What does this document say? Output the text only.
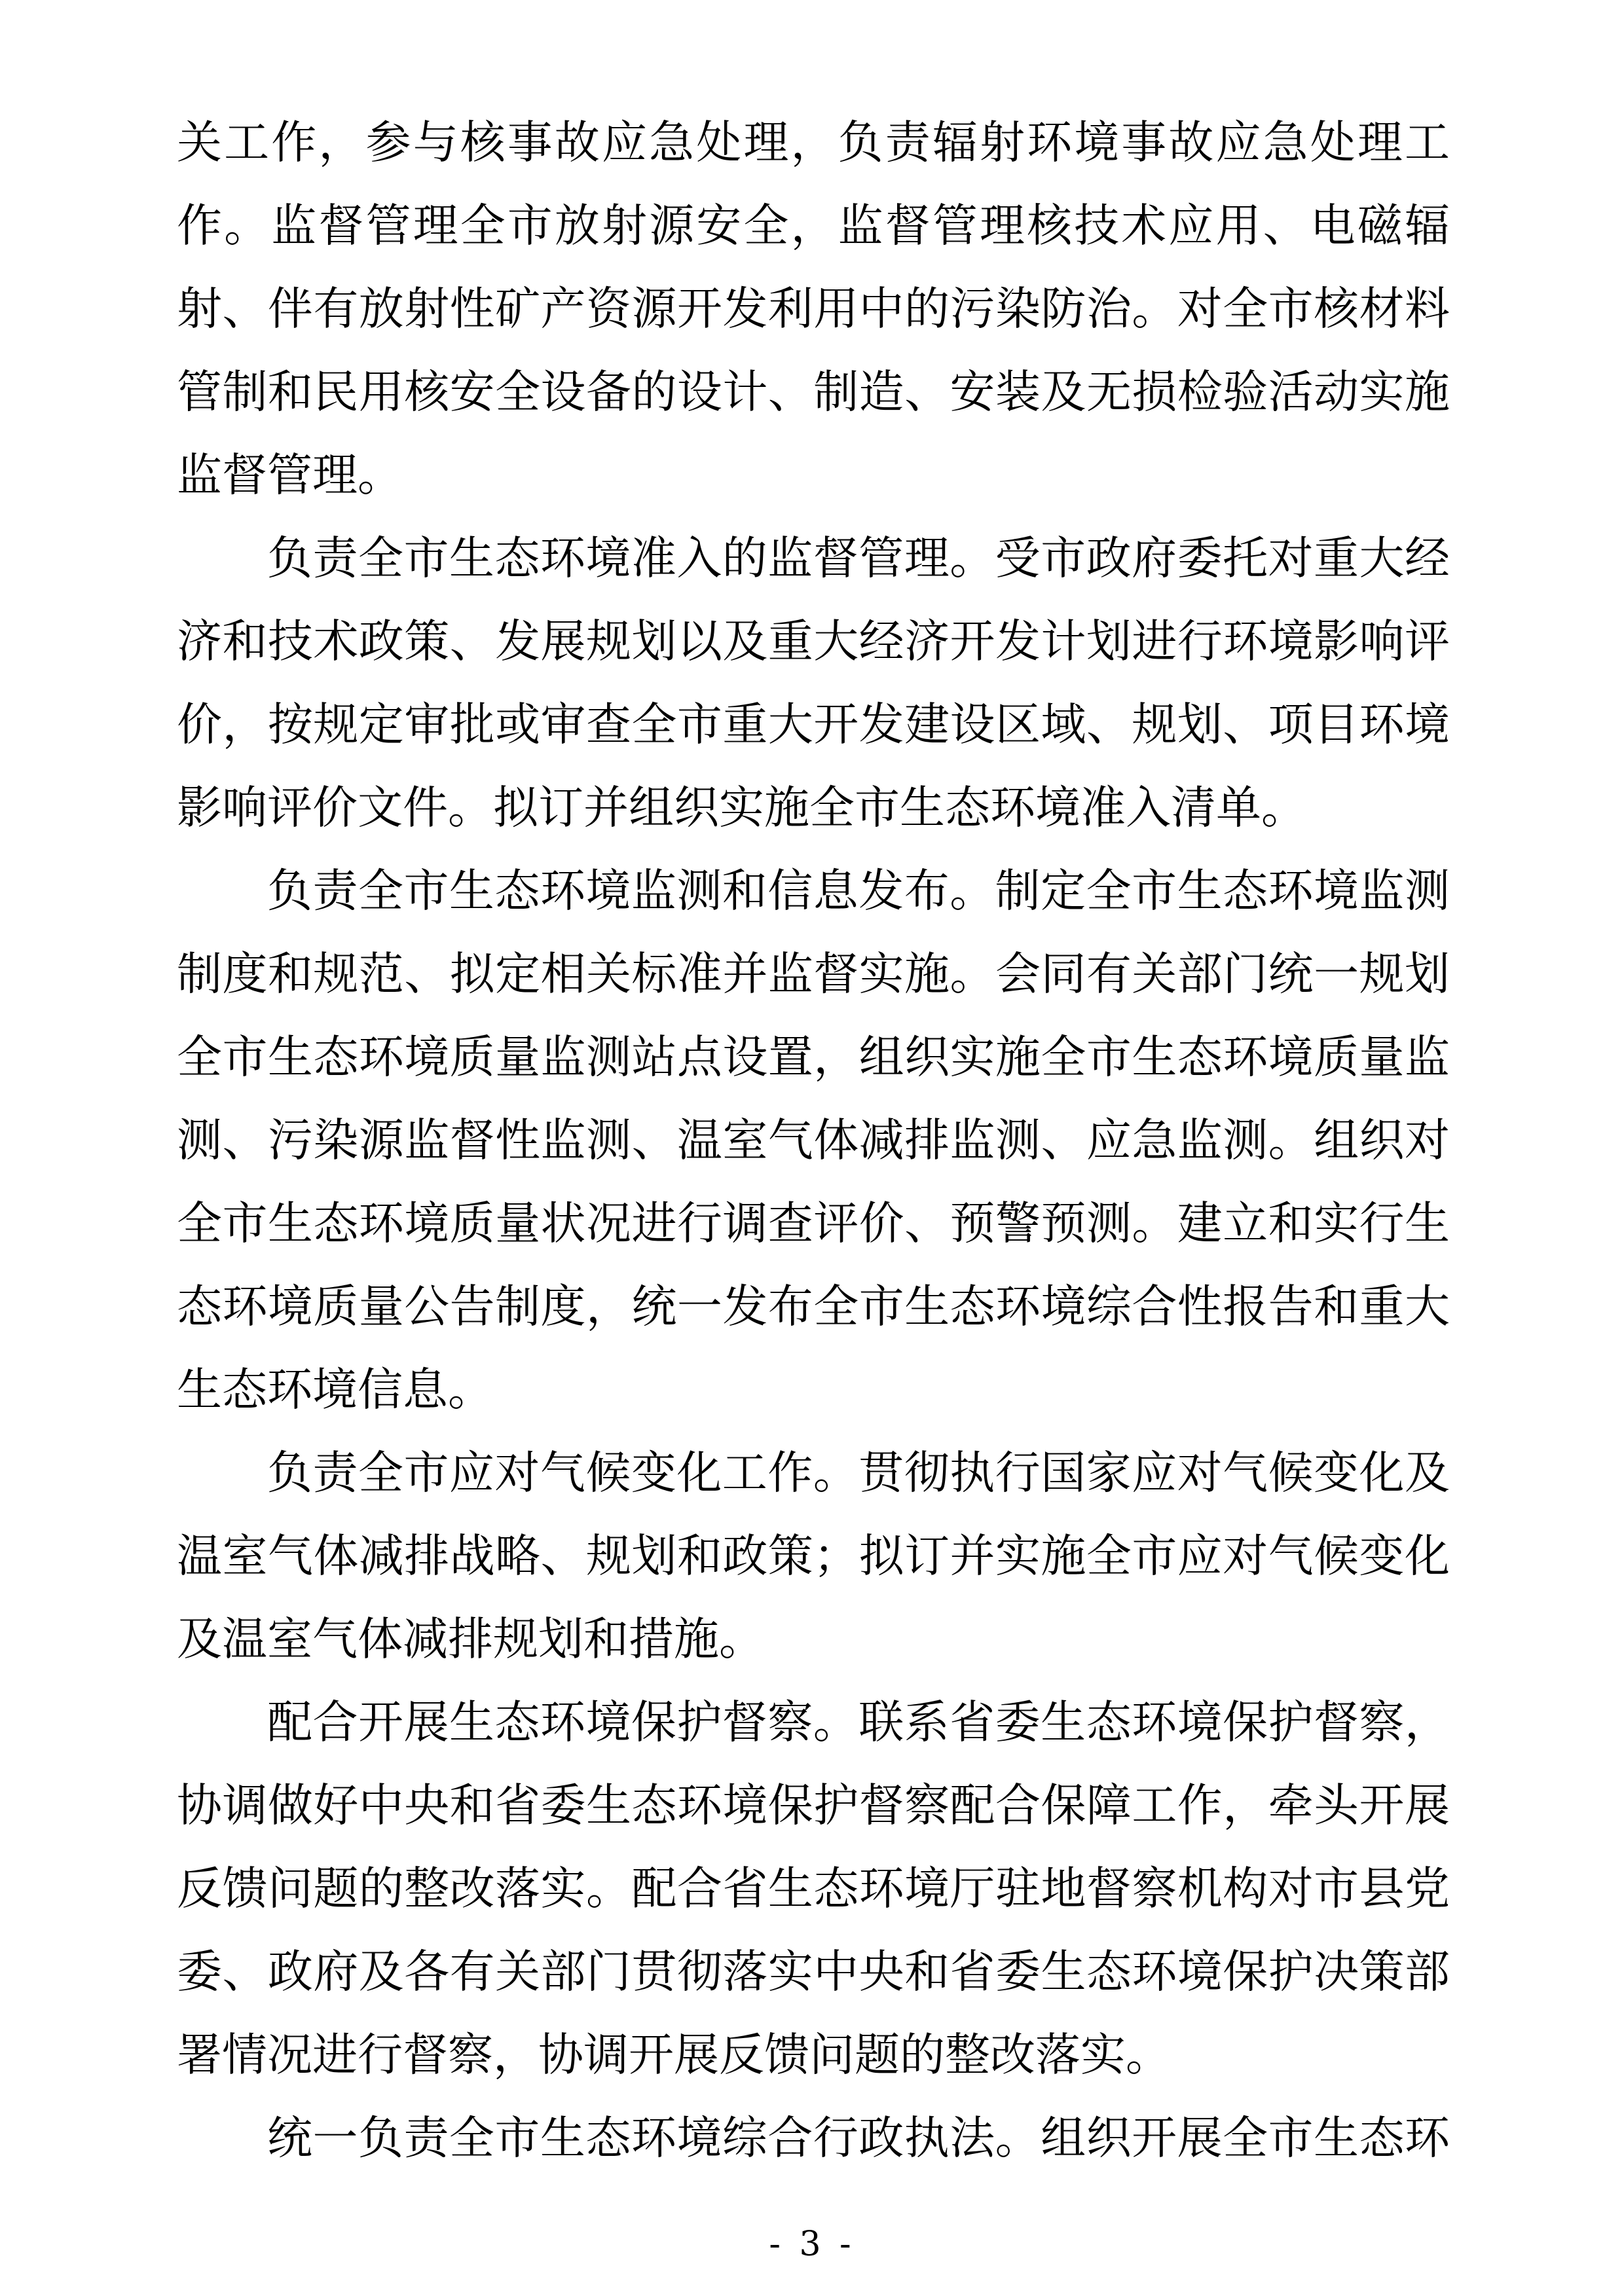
关工作，参与核事故应急处理，负责辐射环境事故应急处理工
作。监督管理全市放射源安全，监督管理核技术应用、电磁辐
射、伴有放射性矿产资源开发利用中的污染防治。对全市核材料
管制和民用核安全设备的设计、制造、安装及无损检验活动实施
监督管理。
负责全市生态环境准入的监督管理。受市政府委托对重大经
济和技术政策、发展规划以及重大经济开发计划进行环境影响评
价，按规定审批或审查全市重大开发建设区域、规划、项目环境
影响评价文件。拟订并组织实施全市生态环境准入清单。
负责全市生态环境监测和信息发布。制定全市生态环境监测
制度和规范、拟定相关标准并监督实施。会同有关部门统一规划
全市生态环境质量监测站点设置，组织实施全市生态环境质量监
测、污染源监督性监测、温室气体减排监测、应急监测。组织对
全市生态环境质量状况进行调查评价、预警预测。建立和实行生
态环境质量公告制度，统一发布全市生态环境综合性报告和重大
生态环境信息。
负责全市应对气候变化工作。贯彻执行国家应对气候变化及
温室气体减排战略、规划和政策；拟订并实施全市应对气候变化
及温室气体减排规划和措施。
配合开展生态环境保护督察。联系省委生态环境保护督察，
协调做好中央和省委生态环境保护督察配合保障工作，牵头开展
反馈问题的整改落实。配合省生态环境厅驻地督察机构对市县党
委、政府及各有关部门贯彻落实中央和省委生态环境保护决策部
署情况进行督察，协调开展反馈问题的整改落实。
统一负责全市生态环境综合行政执法。组织开展全市生态环
- 3 -
